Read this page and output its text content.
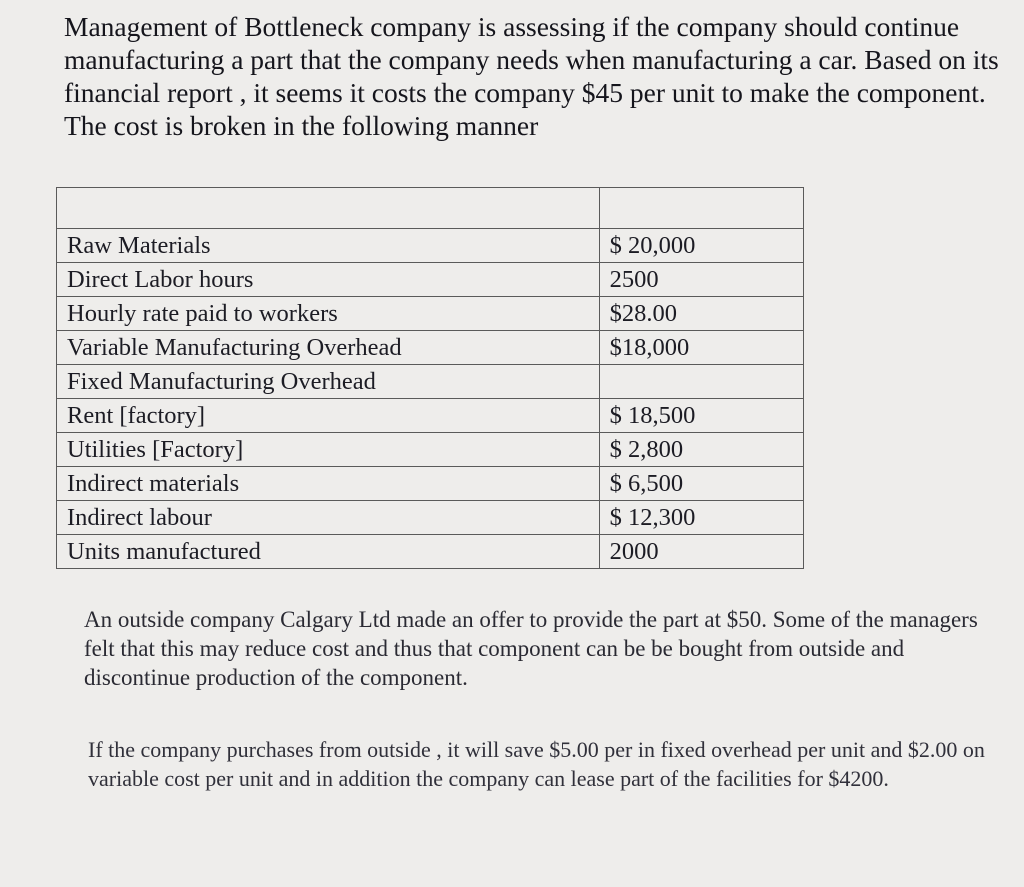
Management of Bottleneck company is assessing if the company should continue manufacturing a part that the company needs when manufacturing a car. Based on its financial report , it seems it costs the company $45 per unit to make the component. The cost is broken in the following manner

Raw Materials	$ 20,000
Direct Labor hours	2500
Hourly rate paid to workers	$28.00
Variable Manufacturing Overhead	$18,000
Fixed Manufacturing Overhead	
Rent [factory]	$ 18,500
Utilities [Factory]	$ 2,800
Indirect materials	$ 6,500
Indirect labour	$ 12,300
Units manufactured	2000

An outside company Calgary Ltd made an offer to provide the part at $50. Some of the managers felt that this may reduce cost and thus that component can be be bought from outside and discontinue production of the component.

If the company purchases from outside , it will save $5.00 per in fixed overhead per unit and $2.00 on variable cost per unit and in addition the company can lease part of the facilities for $4200.
